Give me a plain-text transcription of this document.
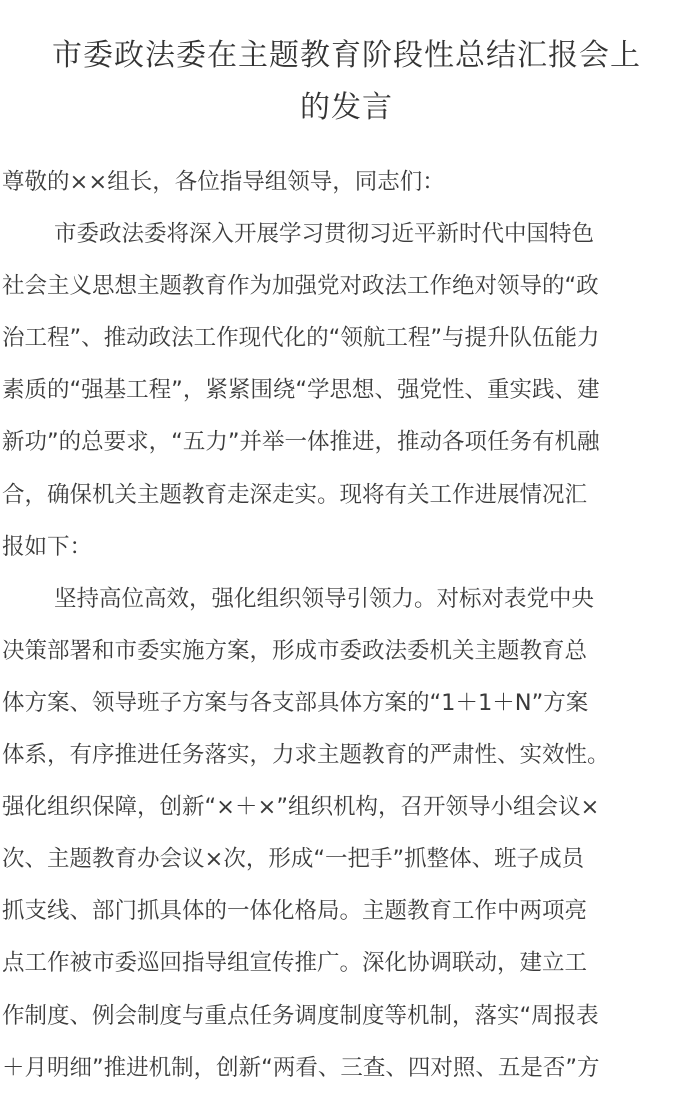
市委政法委在主题教育阶段性总结汇报会上
的发言
尊敬的××组长，各位指导组领导，同志们：
市委政法委将深入开展学习贯彻习近平新时代中国特色
社会主义思想主题教育作为加强党对政法工作绝对领导的“政
治工程”、推动政法工作现代化的“领航工程”与提升队伍能力
素质的“强基工程”，紧紧围绕“学思想、强党性、重实践、建
新功”的总要求，“五力”并举一体推进，推动各项任务有机融
合，确保机关主题教育走深走实。现将有关工作进展情况汇
报如下：
坚持高位高效，强化组织领导引领力。对标对表党中央
决策部署和市委实施方案，形成市委政法委机关主题教育总
体方案、领导班子方案与各支部具体方案的“1＋1＋N”方案
体系，有序推进任务落实，力求主题教育的严肃性、实效性。
强化组织保障，创新“×＋×”组织机构，召开领导小组会议×
次、主题教育办会议×次，形成“一把手”抓整体、班子成员
抓支线、部门抓具体的一体化格局。主题教育工作中两项亮
点工作被市委巡回指导组宣传推广。深化协调联动，建立工
作制度、例会制度与重点任务调度制度等机制，落实“周报表
＋月明细”推进机制，创新“两看、三查、四对照、五是否”方
